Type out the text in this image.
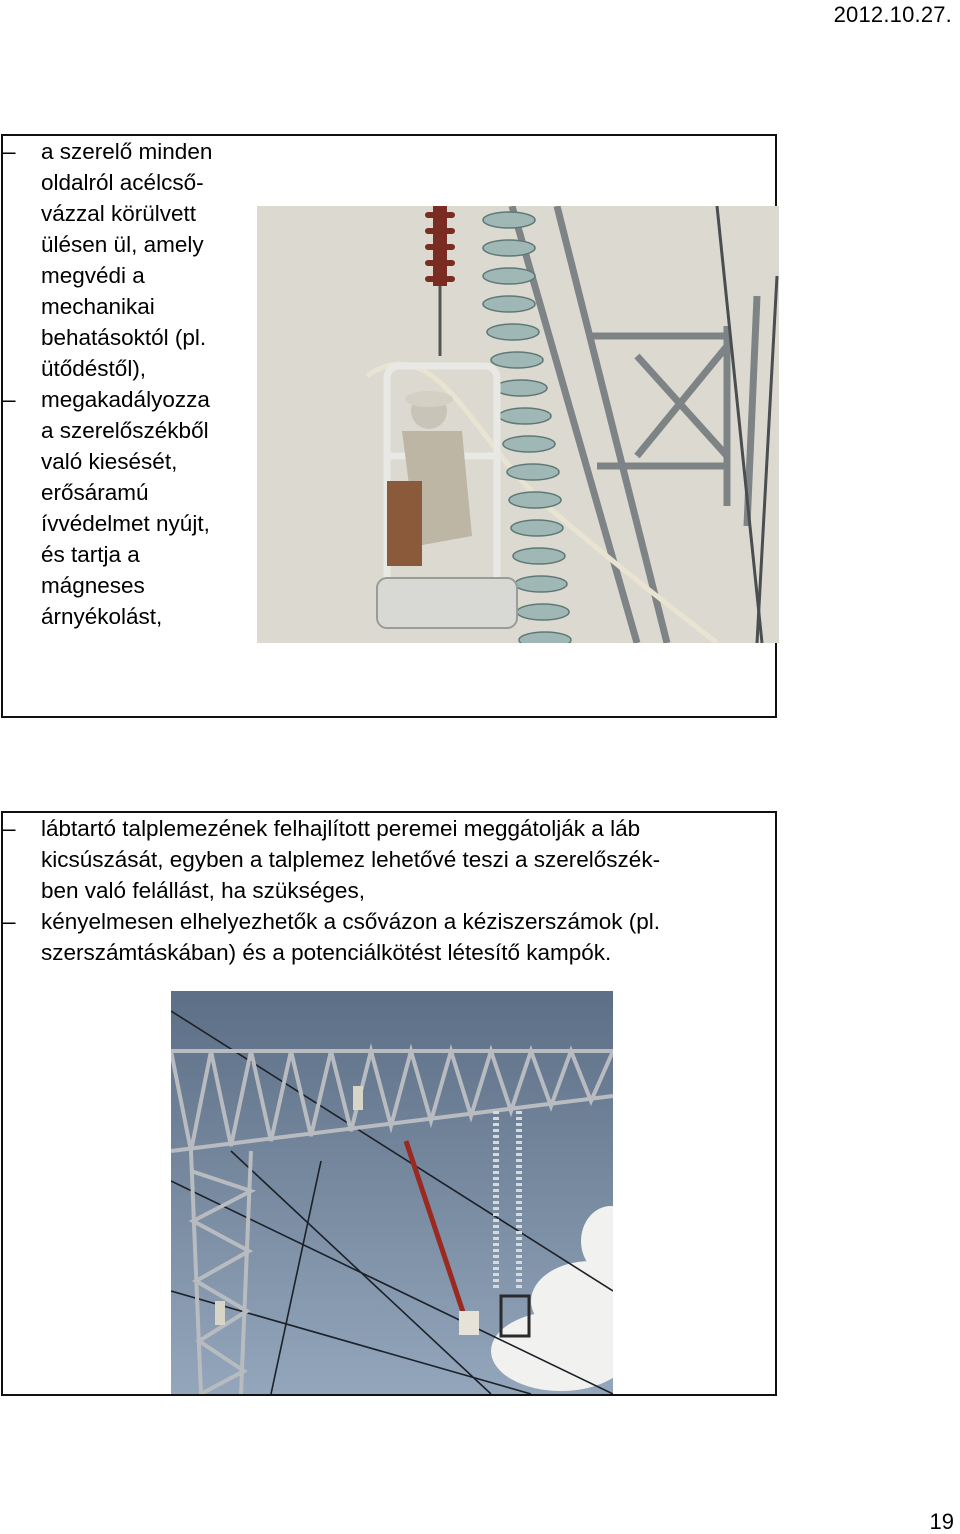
2012.10.27.
–	a szerelő minden
oldalról acélcső-
vázzal körülvett
ülésen ül, amely
megvédi a
mechanikai
behatásoktól (pl.
ütődéstől),
–	megakadályozza
a szerelőszékből
való kiesését,
erősáramú
ívvédelmet nyújt,
és tartja a
mágneses
árnyékolást,
–	lábtartó talplemezének felhajlított peremei meggátolják a láb
kicsúszását, egyben a talplemez lehetővé teszi a szerelőszék-
ben való felállást, ha szükséges,
–	kényelmesen elhelyezhetők a csővázon a kéziszerszámok (pl.
szerszámtáskában) és a potenciálkötést létesítő kampók.
19
